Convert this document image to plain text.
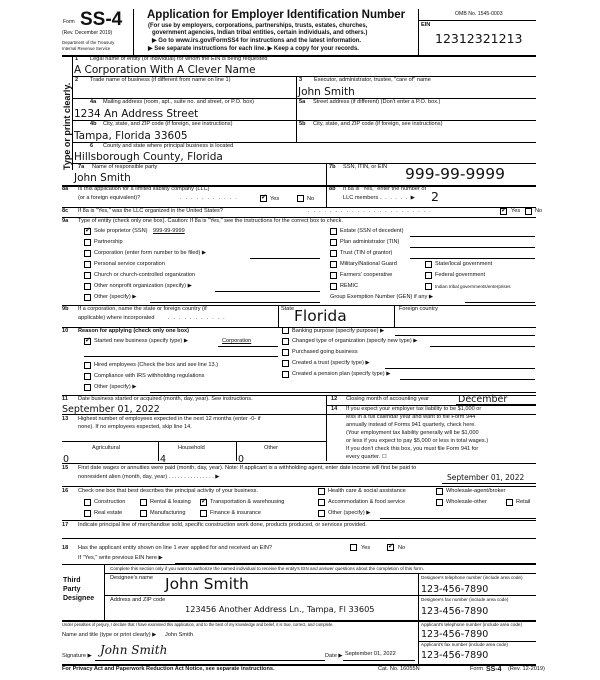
Form SS-4
(Rev. December 2019)
Department of the Treasury
Internal Revenue Service
Application for Employer Identification Number
(For use by employers, corporations, partnerships, trusts, estates, churches,
government agencies, Indian tribal entities, certain individuals, and others.)
▶ Go to www.irs.gov/FormSS4 for instructions and the latest information.
▶ See separate instructions for each line. ▶ Keep a copy for your records.
OMB No. 1545-0003
EIN
12312321213
Type or print clearly.
1 Legal name of entity (or individual) for whom the EIN is being requested
A Corporation With A Clever Name
2 Trade name of business (if different from name on line 1)	3 Executor, administrator, trustee, "care of" name
John Smith
4a Mailing address (room, apt., suite no. and street, or P.O. box)
1234 An Address Street
5a Street address (if different) (Don't enter a P.O. box.)
4b City, state, and ZIP code (if foreign, see instructions)
Tampa, Florida 33605
5b City, state, and ZIP code (if foreign, see instructions)
6 County and state where principal business is located
Hillsborough County, Florida
7a Name of responsible party
John Smith
7b SSN, ITIN, or EIN 999-99-9999
8a Is this application for a limited liability company (LLC)
(or a foreign equivalent)?	. . . . . . . . . . . ✓	Yes	No
8b If 8a is "Yes," enter the number of
LLC members . . . . . . ▶ 2
8c If 8a is "Yes," was the LLC organized in the United States?	. . . . . . . . . . . . . . . . . . . . . . . ✓	Yes	No
9a Type of entity (check only one box). Caution: If 8a is "Yes," see the instructions for the correct box to check.
✓
Sole proprietor (SSN) 999-99-9999
Partnership
Corporation (enter form number to be filed) ▶
Personal service corporation
Church or church-controlled organization
Other nonprofit organization (specify) ▶
Other (specify) ▶
Estate (SSN of decedent)
Plan administrator (TIN)
Trust (TIN of grantor)
Military/National Guard
Farmers' cooperative
REMIC
Group Exemption Number (GEN) if any ▶
State/local government
Federal government
Indian tribal governments/enterprises
9b If a corporation, name the state or foreign country (if
applicable) where incorporated . . . . . . . . . . .
State Florida	Foreign country
10 Reason for applying (check only one box)
✓
Started new business (specify type) ▶	Corporation
Hired employees (Check the box and see line 13.)
Compliance with IRS withholding regulations
Other (specify) ▶
Banking purpose (specify purpose) ▶
Changed type of organization (specify new type) ▶
Purchased going business
Created a trust (specify type) ▶
Created a pension plan (specify type) ▶
11 Date business started or acquired (month, day, year). See instructions.
September 01, 2022
12 Closing month of accounting year	December
13 Highest number of employees expected in the next 12 months (enter -0- if
none). If no employees expected, skip line 14.
Agricultural	Household	Other
0	4	0
14 If you expect your employer tax liability to be $1,000 or
less in a full calendar year and want to file Form 944
annually instead of Forms 941 quarterly, check here.
(Your employment tax liability generally will be $1,000
or less if you expect to pay $5,000 or less in total wages.)
If you don't check this box, you must file Form 941 for
every quarter. ☐
15 First date wages or annuities were paid (month, day, year). Note: If applicant is a withholding agent, enter date income will first be paid to
nonresident alien (month, day, year) . . . . . . . . . . . . . . . ▶	September 01, 2022
16 Check one box that best describes the principal activity of your business.	Health care & social assistance	Wholesale-agent/broker
Construction	Rental & leasing ✓	Transportation & warehousing	Accommodation & food service	Wholesale-other	Retail
Real estate	Manufacturing	Finance & insurance	Other (specify) ▶
17 Indicate principal line of merchandise sold, specific construction work done, products produced, or services provided.
18 Has the applicant entity shown on line 1 ever applied for and received an EIN?	Yes ✓	No
If "Yes," write previous EIN here ▶
Complete this section only if you want to authorize the named individual to receive the entity's EIN and answer questions about the completion of this form.
Third
Party
Designee
Designee's name John Smith	Designee's telephone number (include area code)
123-456-7890
Address and ZIP code
123456 Another Address Ln., Tampa, Fl 33605
Designee's fax number (include area code)
123-456-7890
Under penalties of perjury, I declare that I have examined this application, and to the best of my knowledge and belief, it is true, correct, and complete.
Name and title (type or print clearly) ▶ John Smith
Applicant's telephone number (include area code)
123-456-7890
Applicant's fax number (include area code)
123-456-7890
Signature ▶ John Smith	Date ▶ September 01, 2022
For Privacy Act and Paperwork Reduction Act Notice, see separate instructions.	Cat. No. 16055N	Form SS-4 (Rev. 12-2019)
